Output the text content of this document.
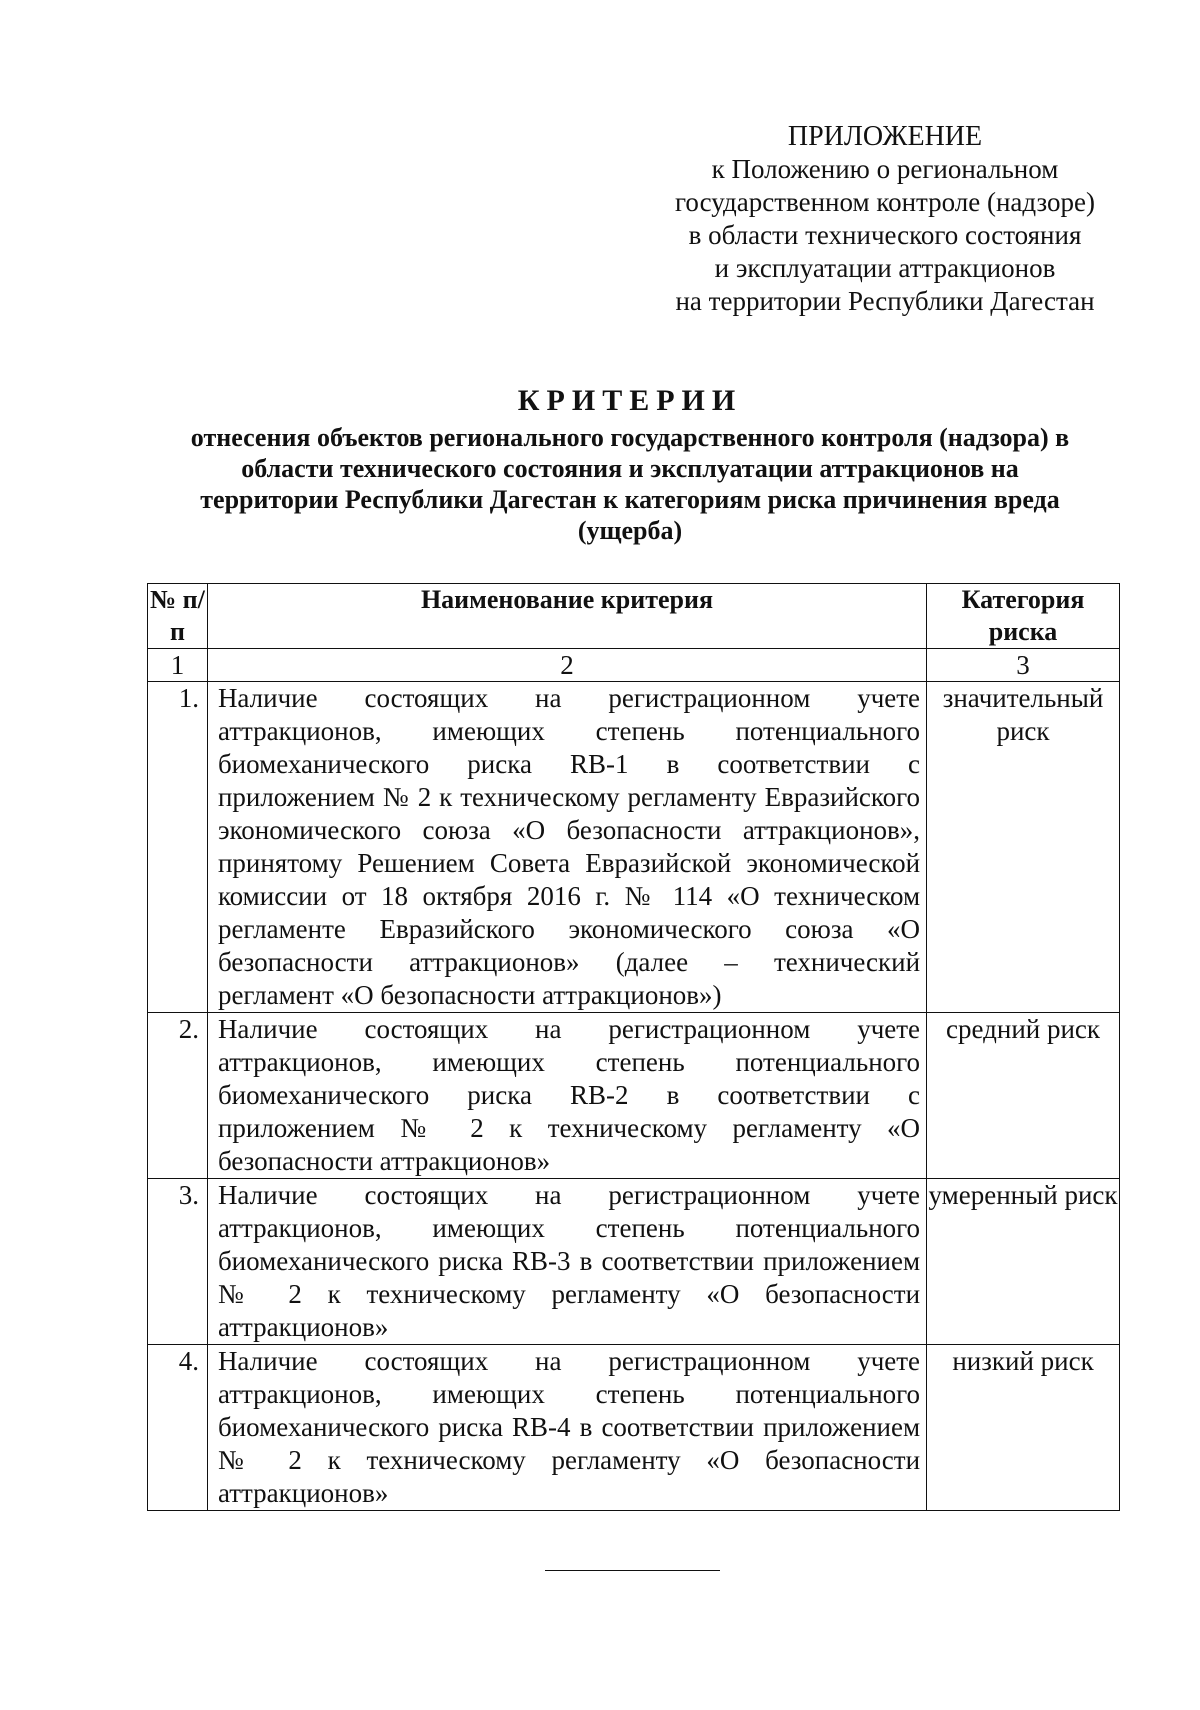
ПРИЛОЖЕНИЕ
к Положению о региональном
государственном контроле (надзоре)
в области технического состояния
и эксплуатации аттракционов
на территории Республики Дагестан
КРИТЕРИИ
отнесения объектов регионального государственного контроля (надзора) в области технического состояния и эксплуатации аттракционов на территории Республики Дагестан к категориям риска причинения вреда (ущерба)
№ п/п	Наименование критерия	Категория риска
1	2	3
1.	Наличие состоящих на регистрационном учете аттракционов, имеющих степень потенциального биомеханического риска RB-1 в соответствии с приложением № 2 к техническому регламенту Евразийского экономического союза «О безопасности аттракционов», принятому Решением Совета Евразийской экономической комиссии от 18 октября 2016 г. № 114 «О техническом регламенте Евразийского экономического союза «О безопасности аттракционов» (далее – технический регламент «О безопасности аттракционов»)	значительный риск
2.	Наличие состоящих на регистрационном учете аттракционов, имеющих степень потенциального биомеханического риска RB-2 в соответствии с приложением № 2 к техническому регламенту «О безопасности аттракционов»	средний риск
3.	Наличие состоящих на регистрационном учете аттракционов, имеющих степень потенциального биомеханического риска RB-3 в соответствии приложением № 2 к техническому регламенту «О безопасности аттракционов»	умеренный риск
4.	Наличие состоящих на регистрационном учете аттракционов, имеющих степень потенциального биомеханического риска RB-4 в соответствии приложением № 2 к техническому регламенту «О безопасности аттракционов»	низкий риск
